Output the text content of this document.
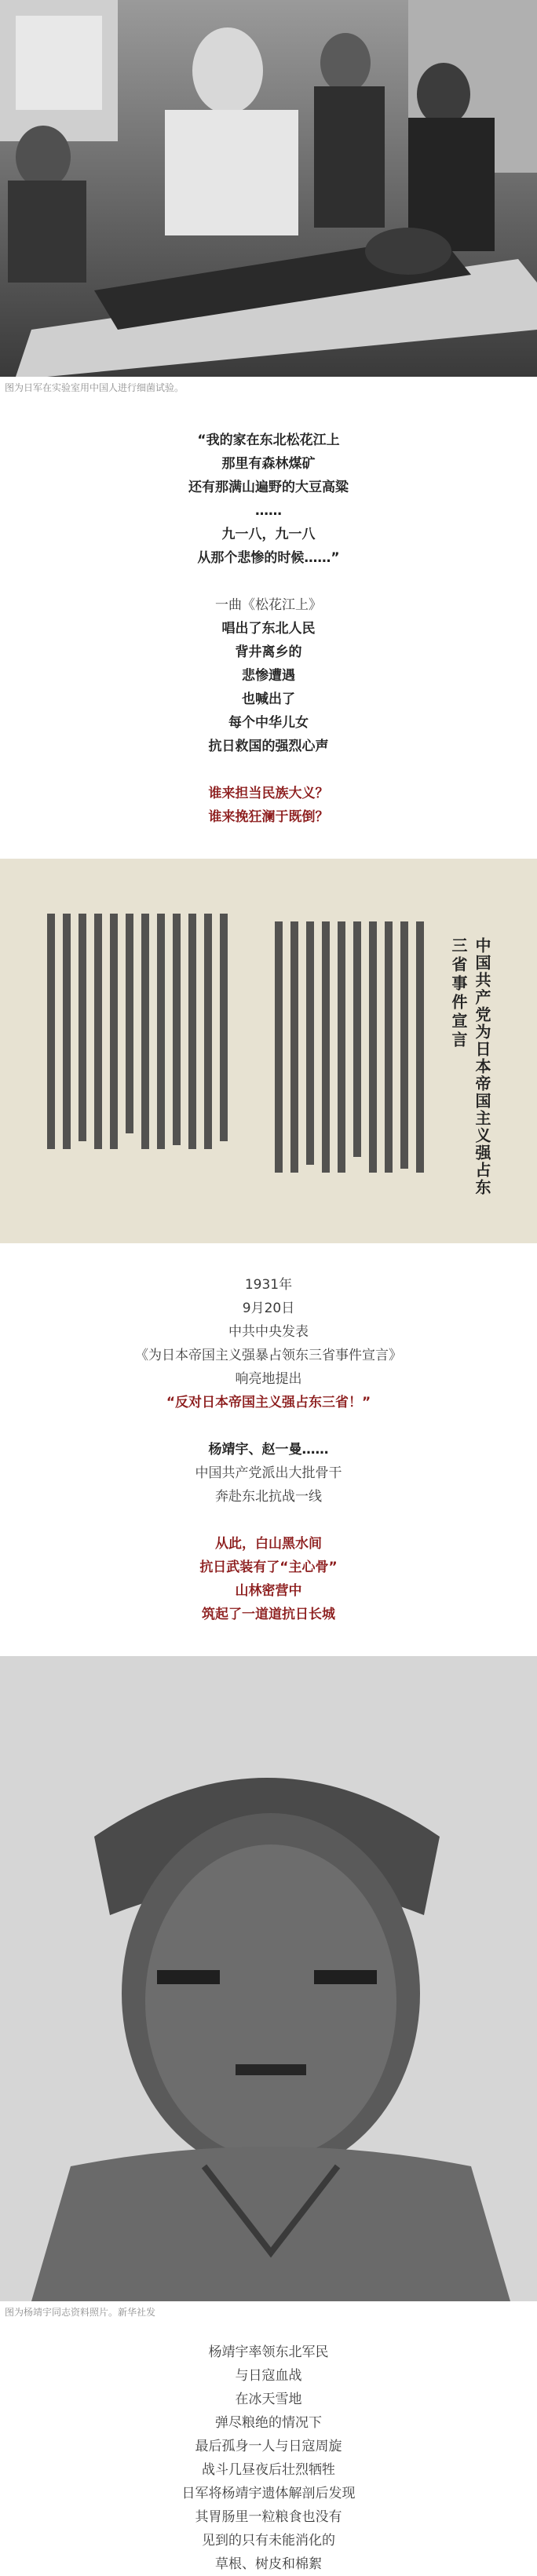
图为日军在实验室用中国人进行细菌试验。
“我的家在东北松花江上
那里有森林煤矿
还有那满山遍野的大豆高粱
……
九一八，九一八
从那个悲惨的时候……”
一曲《松花江上》
唱出了东北人民
背井离乡的
悲惨遭遇
也喊出了
每个中华儿女
抗日救国的强烈心声
谁来担当民族大义？
谁来挽狂澜于既倒？
三省事件宣言 中国共产党为日本帝国主义强占东
1931年
9月20日
中共中央发表
《为日本帝国主义强暴占领东三省事件宣言》
响亮地提出
“反对日本帝国主义强占东三省！”
杨靖宇、赵一曼……
中国共产党派出大批骨干
奔赴东北抗战一线
从此，白山黑水间
抗日武装有了“主心骨”
山林密营中
筑起了一道道抗日长城
图为杨靖宇同志资料照片。新华社发
杨靖宇率领东北军民
与日寇血战
在冰天雪地
弹尽粮绝的情况下
最后孤身一人与日寇周旋
战斗几昼夜后壮烈牺牲
日军将杨靖宇遗体解剖后发现
其胃肠里一粒粮食也没有
见到的只有未能消化的
草根、树皮和棉絮
